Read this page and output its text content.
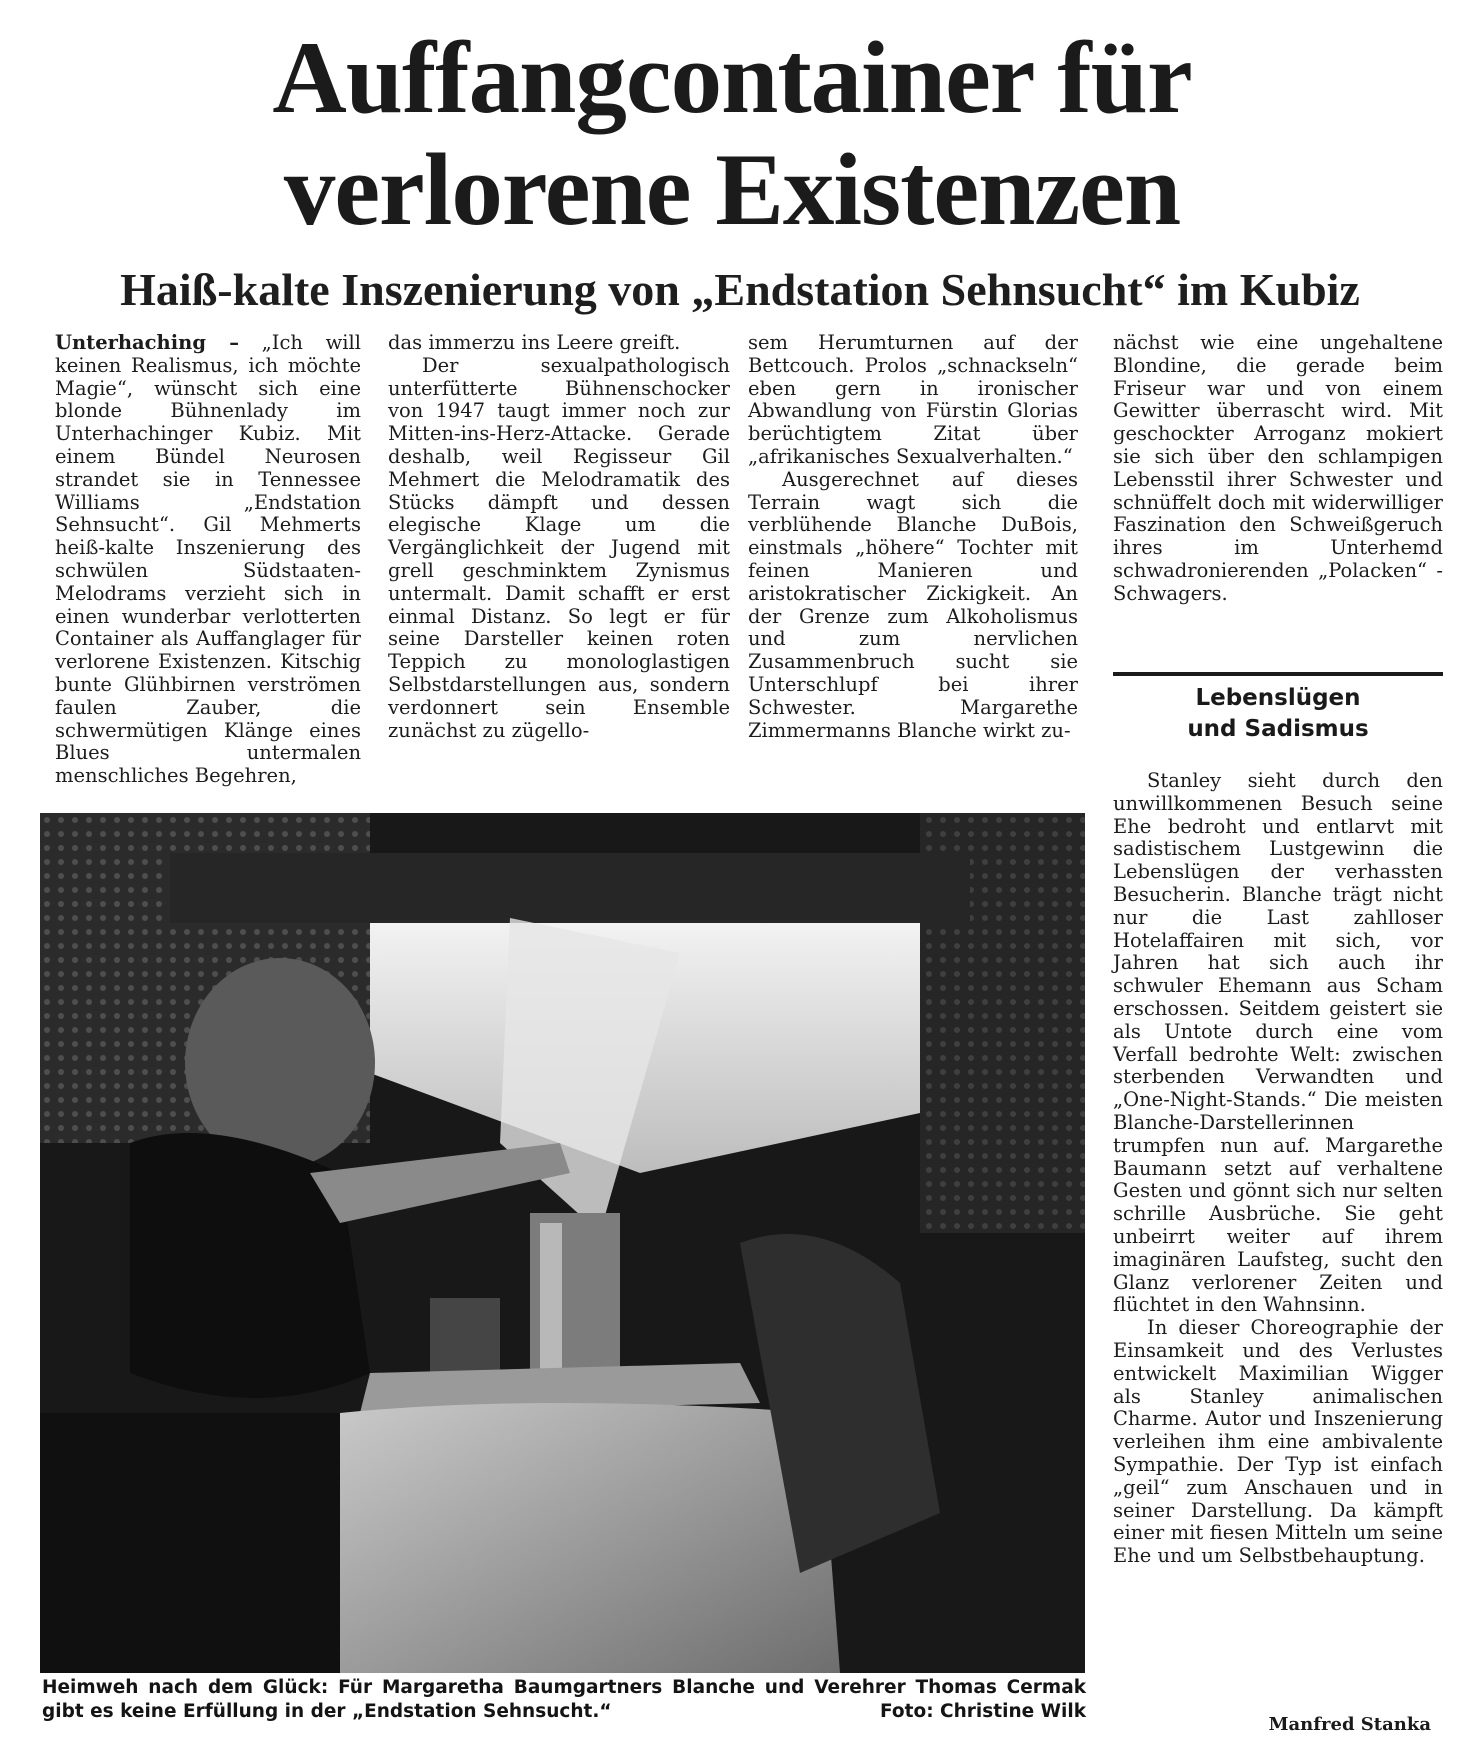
Auffangcontainer für
verlorene Existenzen
Haiß-kalte Inszenierung von „Endstation Sehnsucht“ im Kubiz

Unterhaching – „Ich will keinen Realismus, ich möchte Magie“, wünscht sich eine blonde Bühnenlady im Unterhachinger Kubiz. Mit einem Bündel Neurosen strandet sie in Tennessee Williams „Endstation Sehnsucht“. Gil Mehmerts heiß-kalte Inszenierung des schwülen Südstaaten-Melodrams verzieht sich in einen wunderbar verlotterten Container als Auffanglager für verlorene Existenzen. Kitschig bunte Glühbirnen verströmen faulen Zauber, die schwermütigen Klänge eines Blues untermalen menschliches Begehren,

das immerzu ins Leere greift.

Der sexualpathologisch unterfütterte Bühnenschocker von 1947 taugt immer noch zur Mitten-ins-Herz-Attacke. Gerade deshalb, weil Regisseur Gil Mehmert die Melodramatik des Stücks dämpft und dessen elegische Klage um die Vergänglichkeit der Jugend mit grell geschminktem Zynismus untermalt. Damit schafft er erst einmal Distanz. So legt er für seine Darsteller keinen roten Teppich zu monologlastigen Selbstdarstellungen aus, sondern verdonnert sein Ensemble zunächst zu zügello-

sem Herumturnen auf der Bettcouch. Prolos „schnackseln“ eben gern in ironischer Abwandlung von Fürstin Glorias berüchtigtem Zitat über „afrikanisches Sexualverhalten.“

Ausgerechnet auf dieses Terrain wagt sich die verblühende Blanche DuBois, einstmals „höhere“ Tochter mit feinen Manieren und aristokratischer Zickigkeit. An der Grenze zum Alkoholismus und zum nervlichen Zusammenbruch sucht sie Unterschlupf bei ihrer Schwester. Margarethe Zimmermanns Blanche wirkt zu-

nächst wie eine ungehaltene Blondine, die gerade beim Friseur war und von einem Gewitter überrascht wird. Mit geschockter Arroganz mokiert sie sich über den schlampigen Lebensstil ihrer Schwester und schnüffelt doch mit widerwilliger Faszination den Schweißgeruch ihres im Unterhemd schwadronierenden „Polacken“ -Schwagers.

Lebenslügen
und Sadismus

Stanley sieht durch den unwillkommenen Besuch seine Ehe bedroht und entlarvt mit sadistischem Lustgewinn die Lebenslügen der verhassten Besucherin. Blanche trägt nicht nur die Last zahlloser Hotelaffairen mit sich, vor Jahren hat sich auch ihr schwuler Ehemann aus Scham erschossen. Seitdem geistert sie als Untote durch eine vom Verfall bedrohte Welt: zwischen sterbenden Verwandten und „One-Night-Stands.“ Die meisten Blanche-Darstellerinnen trumpfen nun auf. Margarethe Baumann setzt auf verhaltene Gesten und gönnt sich nur selten schrille Ausbrüche. Sie geht unbeirrt weiter auf ihrem imaginären Laufsteg, sucht den Glanz verlorener Zeiten und flüchtet in den Wahnsinn.

In dieser Choreographie der Einsamkeit und des Verlustes entwickelt Maximilian Wigger als Stanley animalischen Charme. Autor und Inszenierung verleihen ihm eine ambivalente Sympathie. Der Typ ist einfach „geil“ zum Anschauen und in seiner Darstellung. Da kämpft einer mit fiesen Mitteln um seine Ehe und um Selbstbehauptung.

Manfred Stanka
Heimweh nach dem Glück: Für Margaretha Baumgartners Blanche und Verehrer Thomas Cermak gibt es keine Erfüllung in der „Endstation Sehnsucht.“	Foto: Christine Wilk
